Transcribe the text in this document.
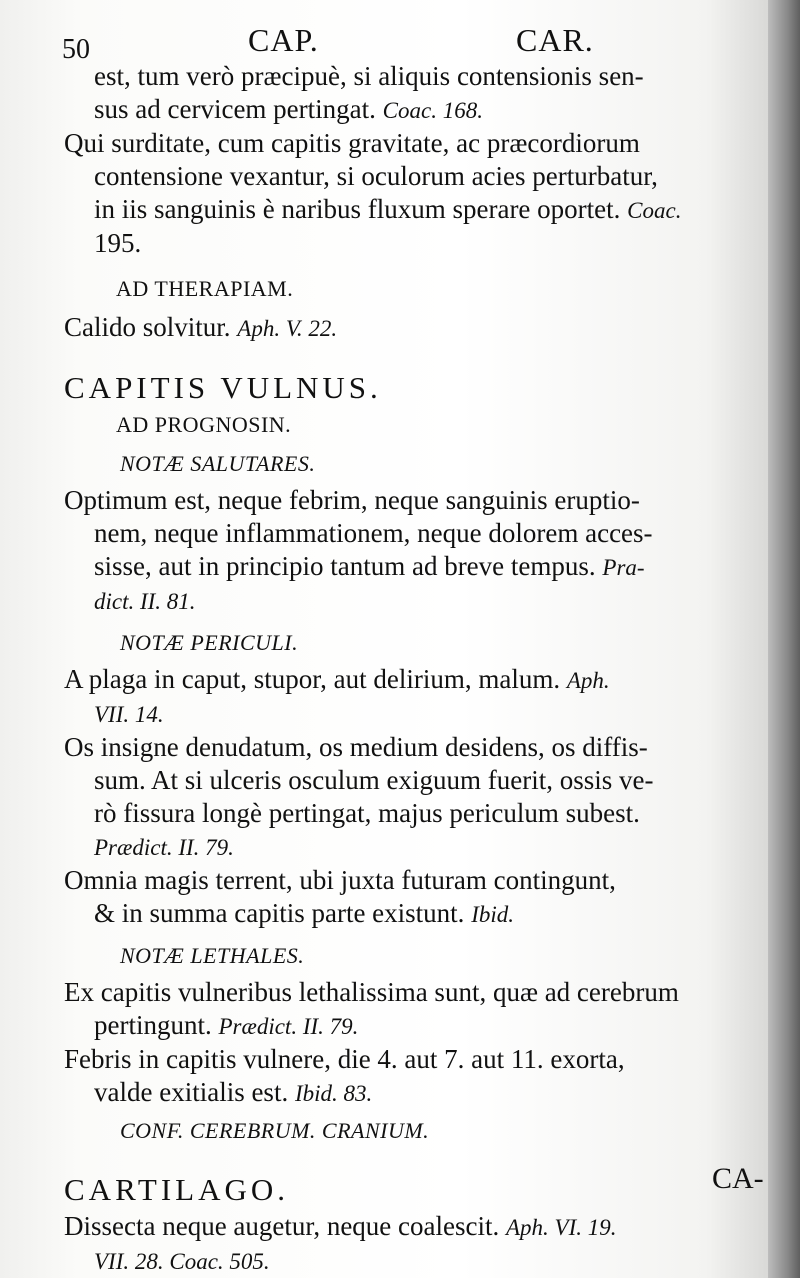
50	CAP.	CAR.

est, tum verò præcipuè, si aliquis contensionis sen-

sus ad cervicem pertingat. Coac. 168.

Qui surditate, cum capitis gravitate, ac præcordiorum

contensione vexantur, si oculorum acies perturbatur,

in iis sanguinis è naribus fluxum sperare oportet. Coac.

195.

AD THERAPIAM.

Calido solvitur. Aph. V. 22.

CAPITIS VULNUS.
AD PROGNOSIN.
NOTÆ SALUTARES.

Optimum est, neque febrim, neque sanguinis eruptio-

nem, neque inflammationem, neque dolorem acces-

sisse, aut in principio tantum ad breve tempus. Pra-

dict. II. 81.

NOTÆ PERICULI.

A plaga in caput, stupor, aut delirium, malum. Aph.

VII. 14.

Os insigne denudatum, os medium desidens, os diffis-

sum. At si ulceris osculum exiguum fuerit, ossis ve-

rò fissura longè pertingat, majus periculum subest.

Prædict. II. 79.

Omnia magis terrent, ubi juxta futuram contingunt,

& in summa capitis parte existunt. Ibid.

NOTÆ LETHALES.

Ex capitis vulneribus lethalissima sunt, quæ ad cerebrum

pertingunt. Prædict. II. 79.

Febris in capitis vulnere, die 4. aut 7. aut 11. exorta,

valde exitialis est. Ibid. 83.

CONF. CEREBRUM. CRANIUM.
CARTILAGO.

Dissecta neque augetur, neque coalescit. Aph. VI. 19.

VII. 28. Coac. 505.

CA-
